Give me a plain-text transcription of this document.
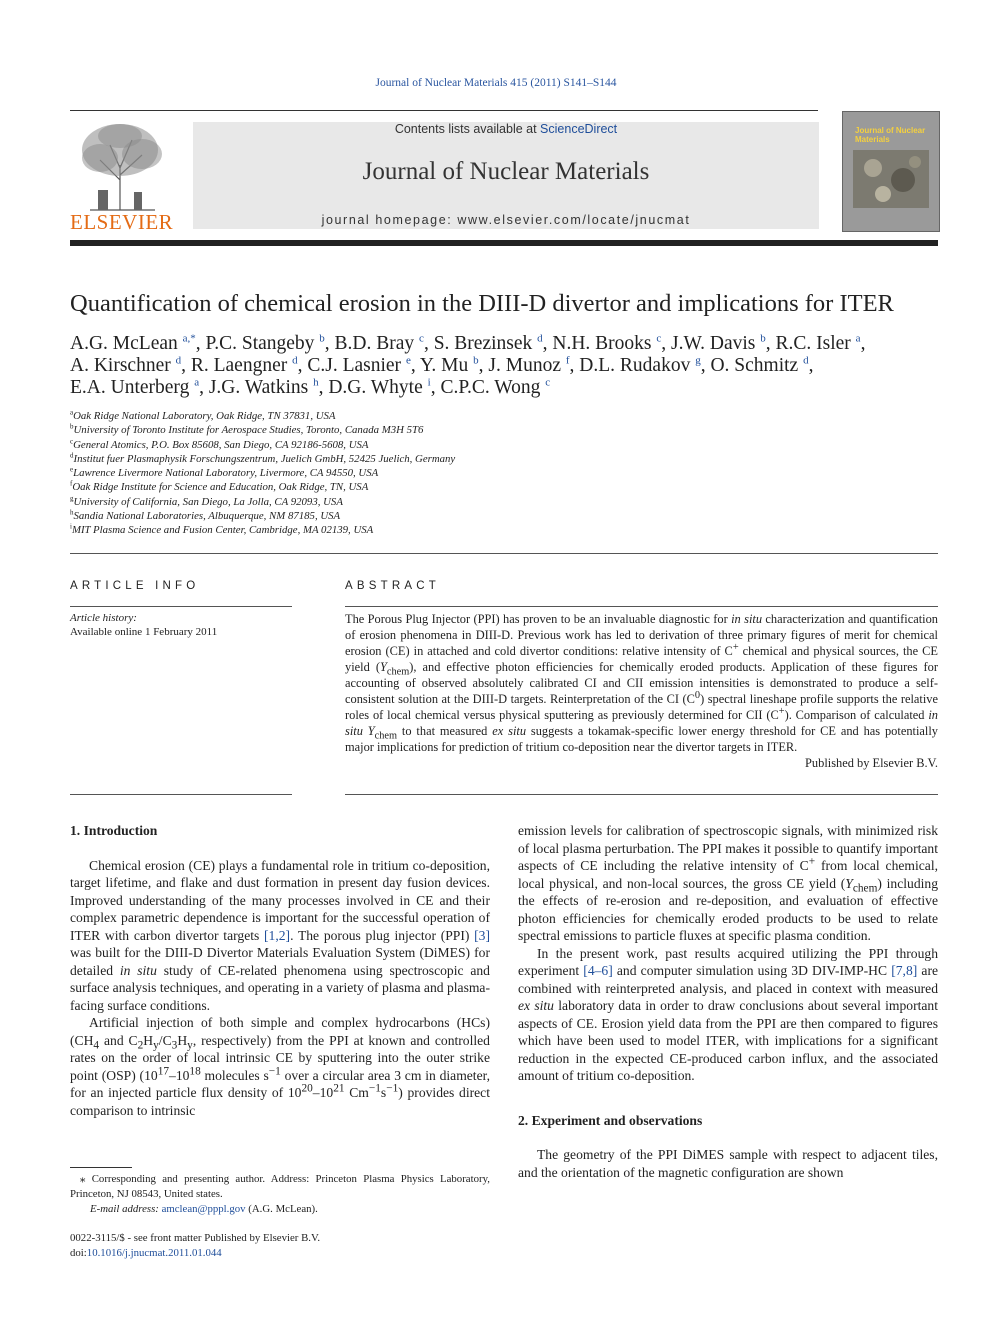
Journal of Nuclear Materials 415 (2011) S141–S144
ELSEVIER
Contents lists available at ScienceDirect
Journal of Nuclear Materials
journal homepage: www.elsevier.com/locate/jnucmat
Journal of Nuclear Materials
Quantification of chemical erosion in the DIII-D divertor and implications for ITER
A.G. McLean $^{a,*}$, P.C. Stangeby $^b$, B.D. Bray $^c$, S. Brezinsek $^d$, N.H. Brooks $^c$, J.W. Davis $^b$, R.C. Isler $^a$,
A. Kirschner $^d$, R. Laengner $^d$, C.J. Lasnier $^e$, Y. Mu $^b$, J. Munoz $^f$, D.L. Rudakov $^g$, O. Schmitz $^d$,
E.A. Unterberg $^a$, J.G. Watkins $^h$, D.G. Whyte $^i$, C.P.C. Wong $^c$
$^a$Oak Ridge National Laboratory, Oak Ridge, TN 37831, USA
$^b$University of Toronto Institute for Aerospace Studies, Toronto, Canada M3H 5T6
$^c$General Atomics, P.O. Box 85608, San Diego, CA 92186-5608, USA
$^d$Institut fuer Plasmaphysik Forschungszentrum, Juelich GmbH, 52425 Juelich, Germany
$^e$Lawrence Livermore National Laboratory, Livermore, CA 94550, USA
$^f$Oak Ridge Institute for Science and Education, Oak Ridge, TN, USA
$^g$University of California, San Diego, La Jolla, CA 92093, USA
$^h$Sandia National Laboratories, Albuquerque, NM 87185, USA
$^i$MIT Plasma Science and Fusion Center, Cambridge, MA 02139, USA
ARTICLE INFO
Article history:
Available online 1 February 2011
ABSTRACT
The Porous Plug Injector (PPI) has proven to be an invaluable diagnostic for in situ characterization and quantification of erosion phenomena in DIII-D. Previous work has led to derivation of three primary figures of merit for chemical erosion (CE) in attached and cold divertor conditions: relative intensity of C+ chemical and physical sources, the CE yield $(Y_{chem})$, and effective photon efficiencies for chemically eroded products. Application of these figures for accounting of observed absolutely calibrated CI and CII emission intensities is demonstrated to produce a self-consistent solution at the DIII-D targets. Reinterpretation of the CI $(C^0)$ spectral lineshape profile supports the relative roles of local chemical versus physical sputtering as previously determined for CII (C+). Comparison of calculated in situ $Y_{chem}$ to that measured ex situ suggests a tokamak-specific lower energy threshold for CE and has potentially major implications for prediction of tritium co-deposition near the divertor targets in ITER.
Published by Elsevier B.V.
1. Introduction

Chemical erosion (CE) plays a fundamental role in tritium co-deposition, target lifetime, and flake and dust formation in present day fusion devices. Improved understanding of the many processes involved in CE and their complex parametric dependence is important for the successful operation of ITER with carbon divertor targets [1,2]. The porous plug injector (PPI) [3] was built for the DIII-D Divertor Materials Evaluation System (DiMES) for detailed in situ study of CE-related phenomena using spectroscopic and surface analysis techniques, and operating in a variety of plasma and plasma-facing surface conditions.

Artificial injection of both simple and complex hydrocarbons (HCs) ($CH_4$ and $C_2H_y/C_3H_y$, respectively) from the PPI at known and controlled rates on the order of local intrinsic CE by sputtering into the outer strike point (OSP) ($10^{17}-10^{18}$ molecules $s^{-1}$ over a circular area 3 cm in diameter, for an injected particle flux density of $10^{20}-10^{21}$ $Cm^{-1}s^{-1}$) provides direct comparison to intrinsic

⁎ Corresponding and presenting author. Address: Princeton Plasma Physics Laboratory, Princeton, NJ 08543, United states.
E-mail address: amclean@pppl.gov (A.G. McLean).
0022-3115/$ - see front matter Published by Elsevier B.V.
doi:10.1016/j.jnucmat.2011.01.044

emission levels for calibration of spectroscopic signals, with minimized risk of local plasma perturbation. The PPI makes it possible to quantify important aspects of CE including the relative intensity of C+ from local chemical, local physical, and non-local sources, the gross CE yield $(Y_{chem})$ including the effects of re-erosion and re-deposition, and evaluation of effective photon efficiencies for chemically eroded products to be used to relate spectral emissions to particle fluxes at specific plasma condition.

In the present work, past results acquired utilizing the PPI through experiment [4–6] and computer simulation using 3D DIV-IMP-HC [7,8] are combined with reinterpreted analysis, and placed in context with measured ex situ laboratory data in order to draw conclusions about several important aspects of CE. Erosion yield data from the PPI are then compared to figures which have been used to model ITER, with implications for a significant reduction in the expected CE-produced carbon influx, and the associated amount of tritium co-deposition.

2. Experiment and observations

The geometry of the PPI DiMES sample with respect to adjacent tiles, and the orientation of the magnetic configuration are shown
